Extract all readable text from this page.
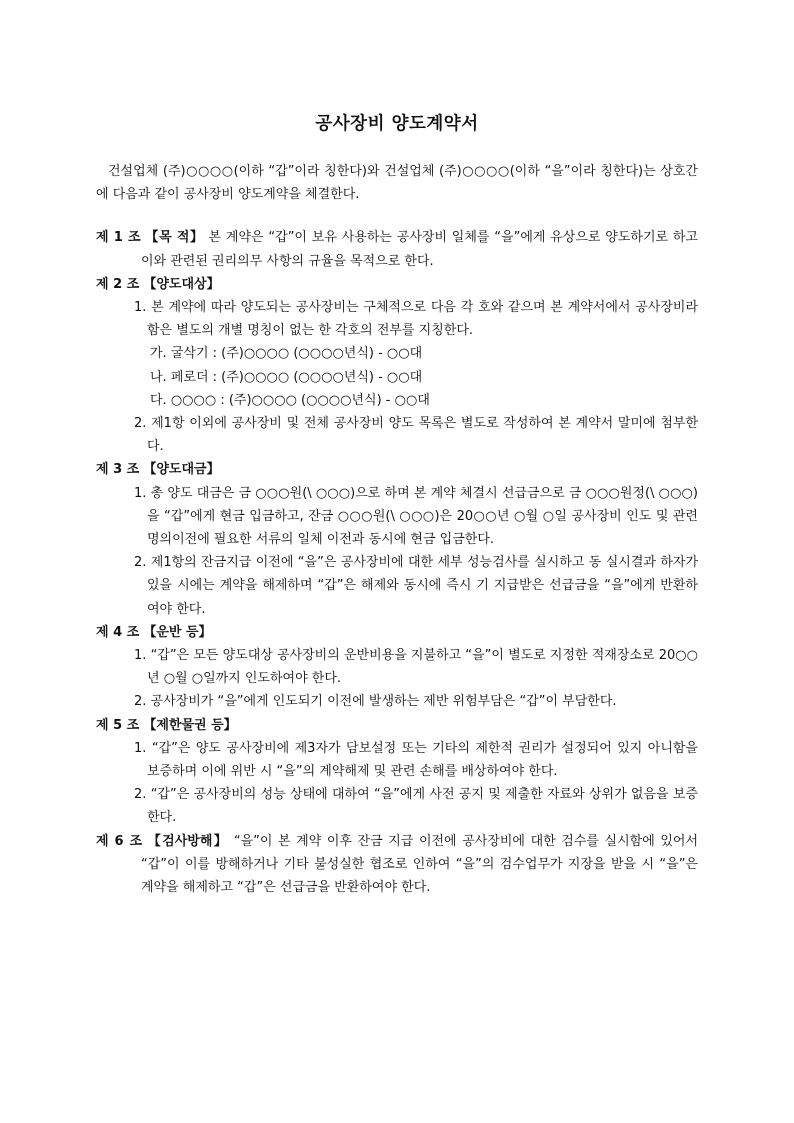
공사장비 양도계약서

건설업체 (주)○○○○(이하 “갑”이라 칭한다)와 건설업체 (주)○○○○(이하 “을”이라 칭한다)는 상호간에 다음과 같이 공사장비 양도계약을 체결한다.

제 1 조 【목 적】 본 계약은 “갑”이 보유 사용하는 공사장비 일체를 “을”에게 유상으로 양도하기로 하고 이와 관련된 권리의무 사항의 규율을 목적으로 한다.
제 2 조 【양도대상】
1. 본 계약에 따라 양도되는 공사장비는 구체적으로 다음 각 호와 같으며 본 계약서에서 공사장비라 함은 별도의 개별 명칭이 없는 한 각호의 전부를 지칭한다.
가. 굴삭기 : (주)○○○○ (○○○○년식) - ○○대
나. 페로더 : (주)○○○○ (○○○○년식) - ○○대
다. ○○○○ : (주)○○○○ (○○○○년식) - ○○대
2. 제1항 이외에 공사장비 및 전체 공사장비 양도 목록은 별도로 작성하여 본 계약서 말미에 첨부한다.
제 3 조 【양도대금】
1. 총 양도 대금은 금 ○○○원(\ ○○○)으로 하며 본 계약 체결시 선급금으로 금 ○○○원정(\ ○○○)을 “갑”에게 현금 입금하고, 잔금 ○○○원(\ ○○○)은 20○○년 ○월 ○일 공사장비 인도 및 관련 명의이전에 필요한 서류의 일체 이전과 동시에 현금 입금한다.
2. 제1항의 잔금지급 이전에 “을”은 공사장비에 대한 세부 성능검사를 실시하고 동 실시결과 하자가 있을 시에는 계약을 해제하며 “갑”은 해제와 동시에 즉시 기 지급받은 선급금을 “을”에게 반환하여야 한다.
제 4 조 【운반 등】
1. “갑”은 모든 양도대상 공사장비의 운반비용을 지불하고 “을”이 별도로 지정한 적재장소로 20○○년 ○월 ○일까지 인도하여야 한다.
2. 공사장비가 “을”에게 인도되기 이전에 발생하는 제반 위험부담은 “갑”이 부담한다.
제 5 조 【제한물권 등】
1. “갑”은 양도 공사장비에 제3자가 담보설정 또는 기타의 제한적 권리가 설정되어 있지 아니함을 보증하며 이에 위반 시 “을”의 계약해제 및 관련 손해를 배상하여야 한다.
2. “갑”은 공사장비의 성능 상태에 대하여 “을”에게 사전 공지 및 제출한 자료와 상위가 없음을 보증한다.
제 6 조 【검사방해】 “을”이 본 계약 이후 잔금 지급 이전에 공사장비에 대한 검수를 실시함에 있어서 “갑”이 이를 방해하거나 기타 불성실한 협조로 인하여 “을”의 검수업무가 지장을 받을 시 “을”은 계약을 해제하고 “갑”은 선급금을 반환하여야 한다.
